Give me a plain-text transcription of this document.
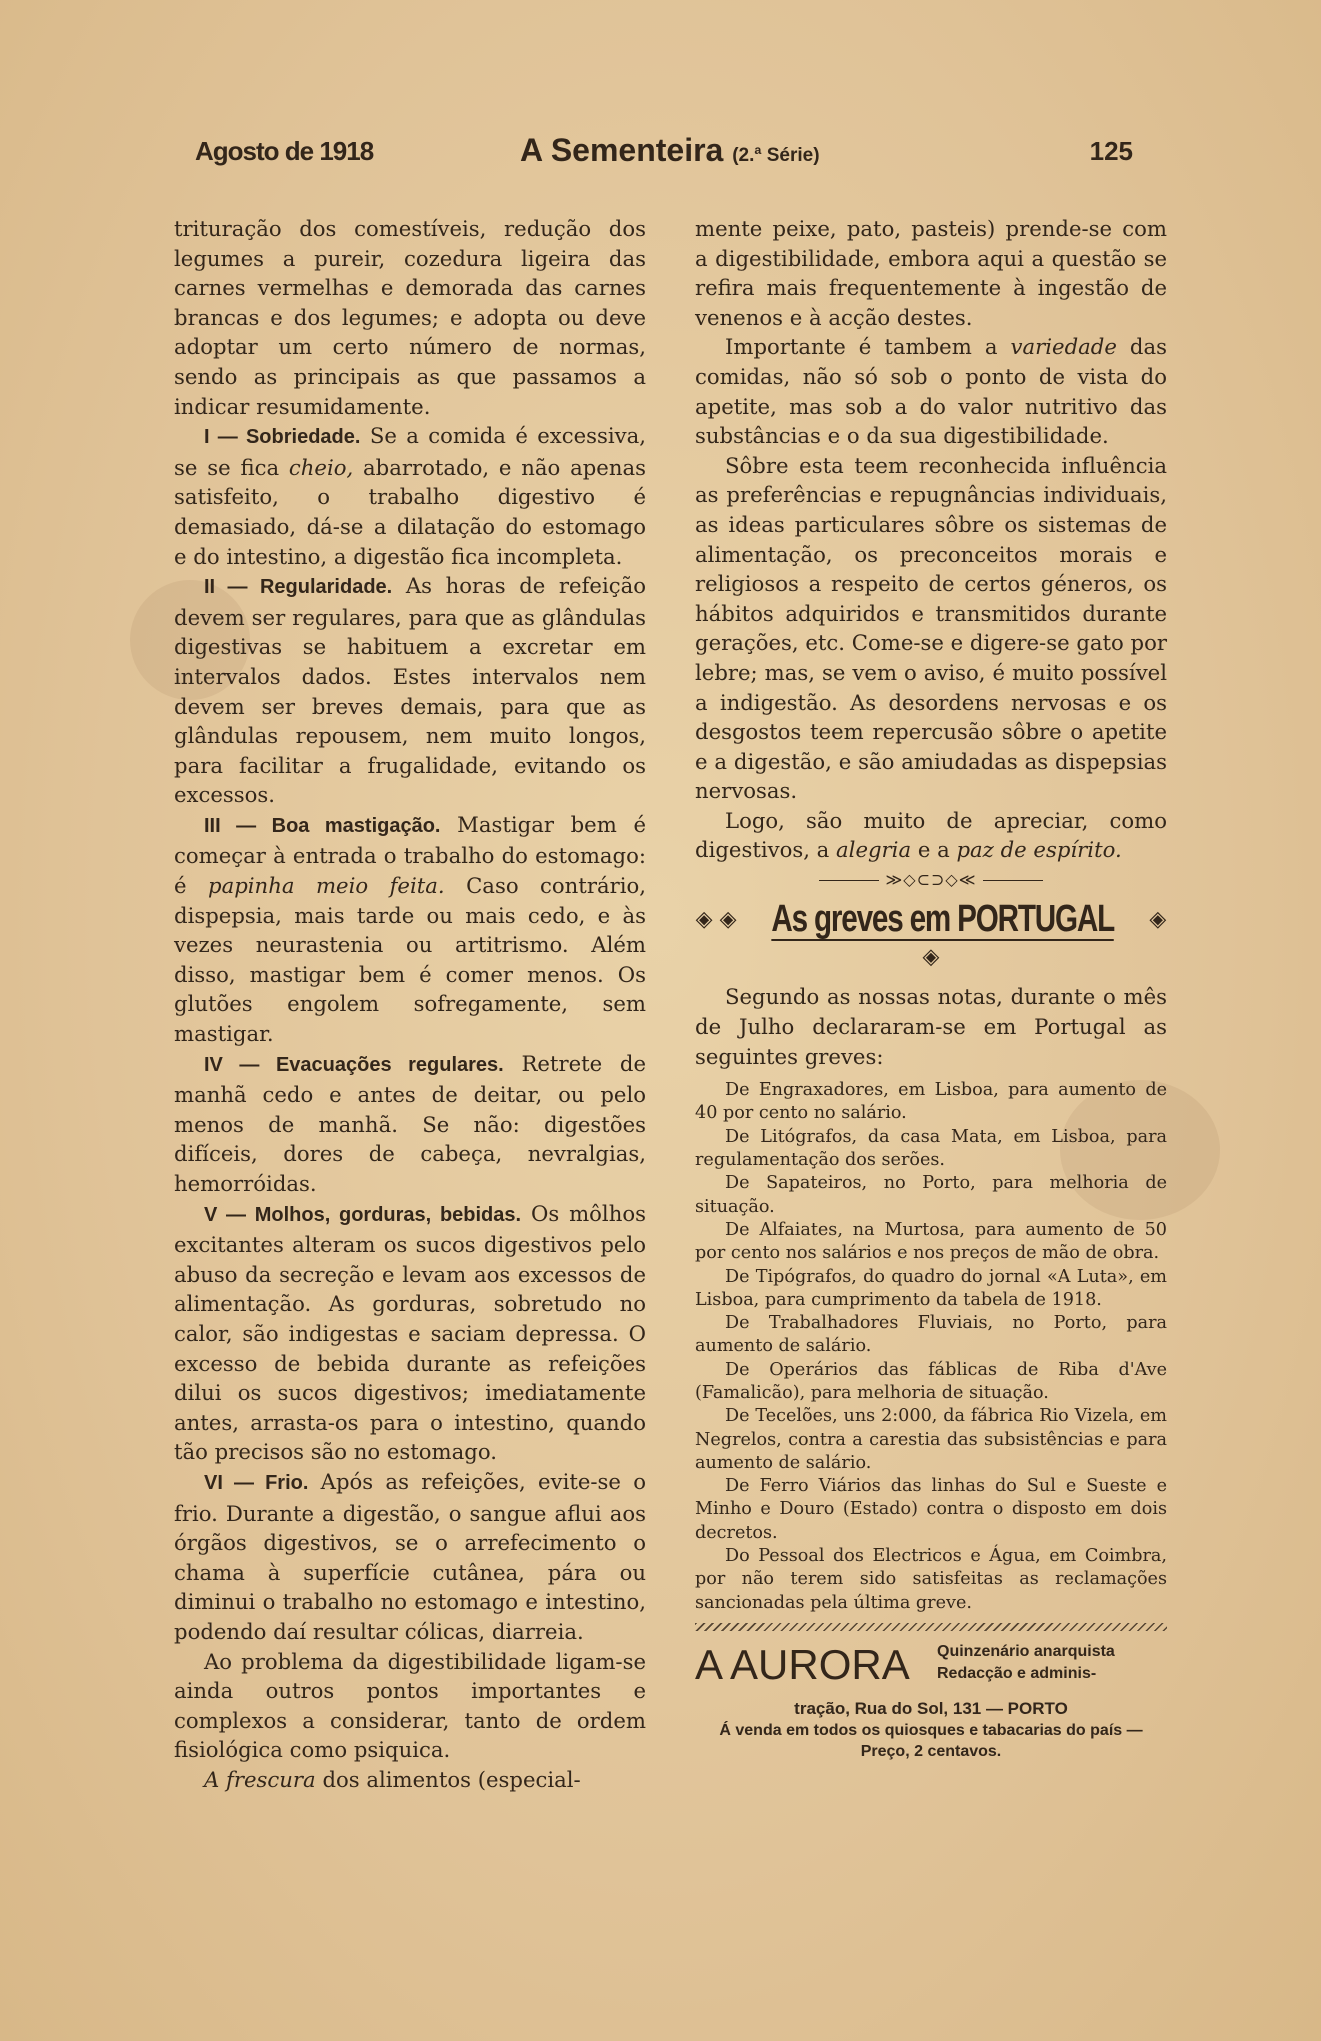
Agosto de 1918	A Sementeira (2.ª Série)	125

trituração dos comestíveis, redução dos legumes a pureir, cozedura ligeira das carnes vermelhas e demorada das carnes brancas e dos legumes; e adopta ou deve adoptar um certo número de normas, sendo as principais as que passamos a indicar resumidamente.

I — Sobriedade. Se a comida é excessiva, se se fica cheio, abarrotado, e não apenas satisfeito, o trabalho digestivo é demasiado, dá-se a dilatação do estomago e do intestino, a digestão fica incompleta.

II — Regularidade. As horas de refeição devem ser regulares, para que as glândulas digestivas se habituem a excretar em intervalos dados. Estes intervalos nem devem ser breves demais, para que as glândulas repousem, nem muito longos, para facilitar a frugalidade, evitando os excessos.

III — Boa mastigação. Mastigar bem é começar à entrada o trabalho do estomago: é papinha meio feita. Caso contrário, dispepsia, mais tarde ou mais cedo, e às vezes neurastenia ou artitrismo. Além disso, mastigar bem é comer menos. Os glutões engolem sofregamente, sem mastigar.

IV — Evacuações regulares. Retrete de manhã cedo e antes de deitar, ou pelo menos de manhã. Se não: digestões difíceis, dores de cabeça, nevralgias, hemorróidas.

V — Molhos, gorduras, bebidas. Os môlhos excitantes alteram os sucos digestivos pelo abuso da secreção e levam aos excessos de alimentação. As gorduras, sobretudo no calor, são indigestas e saciam depressa. O excesso de bebida durante as refeições dilui os sucos digestivos; imediatamente antes, arrasta-os para o intestino, quando tão precisos são no estomago.

VI — Frio. Após as refeições, evite-se o frio. Durante a digestão, o sangue aflui aos órgãos digestivos, se o arrefecimento o chama à superfície cutânea, pára ou diminui o trabalho no estomago e intestino, podendo daí resultar cólicas, diarreia.

Ao problema da digestibilidade ligam-se ainda outros pontos importantes e complexos a considerar, tanto de ordem fisiológica como psiquica.

A frescura dos alimentos (especial-

mente peixe, pato, pasteis) prende-se com a digestibilidade, embora aqui a questão se refira mais frequentemente à ingestão de venenos e à acção destes.

Importante é tambem a variedade das comidas, não só sob o ponto de vista do apetite, mas sob a do valor nutritivo das substâncias e o da sua digestibilidade.

Sôbre esta teem reconhecida influência as preferências e repugnâncias individuais, as ideas particulares sôbre os sistemas de alimentação, os preconceitos morais e religiosos a respeito de certos géneros, os hábitos adquiridos e transmitidos durante gerações, etc. Come-se e digere-se gato por lebre; mas, se vem o aviso, é muito possível a indigestão. As desordens nervosas e os desgostos teem repercusão sôbre o apetite e a digestão, e são amiudadas as dispepsias nervosas.

Logo, são muito de apreciar, como digestivos, a alegria e a paz de espírito.

≫◇⊂⊃◇≪
◈ ◈ As greves em PORTUGAL ◈ ◈

Segundo as nossas notas, durante o mês de Julho declararam-se em Portugal as seguintes greves:

De Engraxadores, em Lisboa, para aumento de 40 por cento no salário.

De Litógrafos, da casa Mata, em Lisboa, para regulamentação dos serões.

De Sapateiros, no Porto, para melhoria de situação.

De Alfaiates, na Murtosa, para aumento de 50 por cento nos salários e nos preços de mão de obra.

De Tipógrafos, do quadro do jornal «A Luta», em Lisboa, para cumprimento da tabela de 1918.

De Trabalhadores Fluviais, no Porto, para aumento de salário.

De Operários das fáblicas de Riba d'Ave (Famalicão), para melhoria de situação.

De Tecelões, uns 2:000, da fábrica Rio Vizela, em Negrelos, contra a carestia das subsistências e para aumento de salário.

De Ferro Viários das linhas do Sul e Sueste e Minho e Douro (Estado) contra o disposto em dois decretos.

Do Pessoal dos Electricos e Água, em Coimbra, por não terem sido satisfeitas as reclamações sancionadas pela última greve.

A AURORA Quinzenário anarquista
Redacção e adminis-
tração, Rua do Sol, 131 — PORTO
Á venda em todos os quiosques e tabacarias do país — Preço, 2 centavos.
